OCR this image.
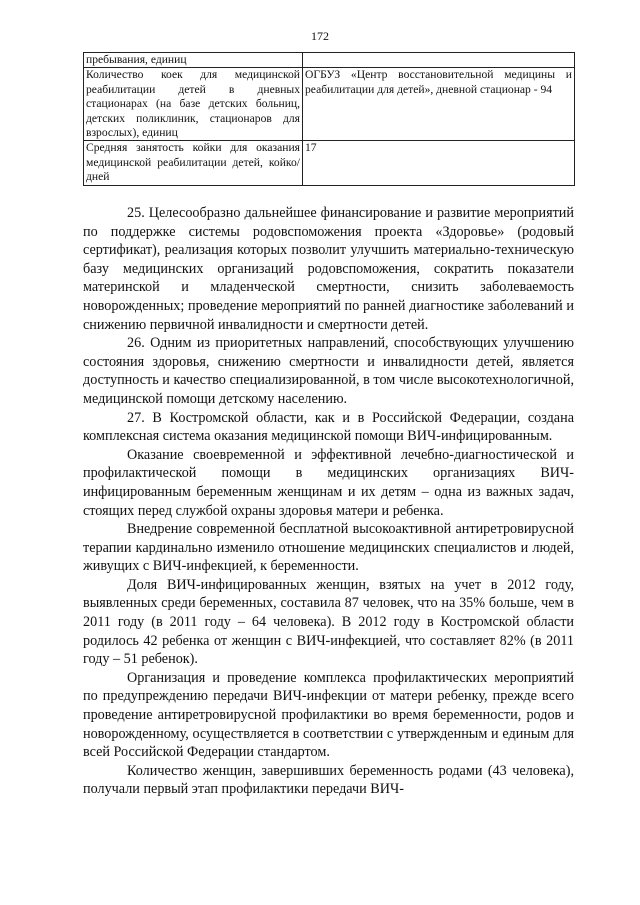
172
пребывания, единиц	
Количество коек для медицинской реабилитации детей в дневных стационарах (на базе детских больниц, детских поликлиник, стационаров для взрослых), единиц	ОГБУЗ «Центр восстановительной медицины и реабилитации для детей», дневной стационар - 94
Средняя занятость койки для оказания медицинской реабилитации детей, койко/дней	17

25. Целесообразно дальнейшее финансирование и развитие мероприятий по поддержке системы родовспоможения проекта «Здоровье» (родовый сертификат), реализация которых позволит улучшить материально-техническую базу медицинских организаций родовспоможения, сократить показатели материнской и младенческой смертности, снизить заболеваемость новорожденных; проведение мероприятий по ранней диагностике заболеваний и снижению первичной инвалидности и смертности детей.

26. Одним из приоритетных направлений, способствующих улучшению состояния здоровья, снижению смертности и инвалидности детей, является доступность и качество специализированной, в том числе высокотехнологичной, медицинской помощи детскому населению.

27. В Костромской области, как и в Российской Федерации, создана комплексная система оказания медицинской помощи ВИЧ-инфицированным.

Оказание своевременной и эффективной лечебно-диагностической и профилактической помощи в медицинских организациях ВИЧ-инфицированным беременным женщинам и их детям – одна из важных задач, стоящих перед службой охраны здоровья матери и ребенка.

Внедрение современной бесплатной высокоактивной антиретровирусной терапии кардинально изменило отношение медицинских специалистов и людей, живущих с ВИЧ-инфекцией, к беременности.

Доля ВИЧ-инфицированных женщин, взятых на учет в 2012 году, выявленных среди беременных, составила 87 человек, что на 35% больше, чем в 2011 году (в 2011 году – 64 человека). В 2012 году в Костромской области родилось 42 ребенка от женщин с ВИЧ-инфекцией, что составляет 82% (в 2011 году – 51 ребенок).

Организация и проведение комплекса профилактических мероприятий по предупреждению передачи ВИЧ-инфекции от матери ребенку, прежде всего проведение антиретровирусной профилактики во время беременности, родов и новорожденному, осуществляется в соответствии с утвержденным и единым для всей Российской Федерации стандартом.

Количество женщин, завершивших беременность родами (43 человека), получали первый этап профилактики передачи ВИЧ-
